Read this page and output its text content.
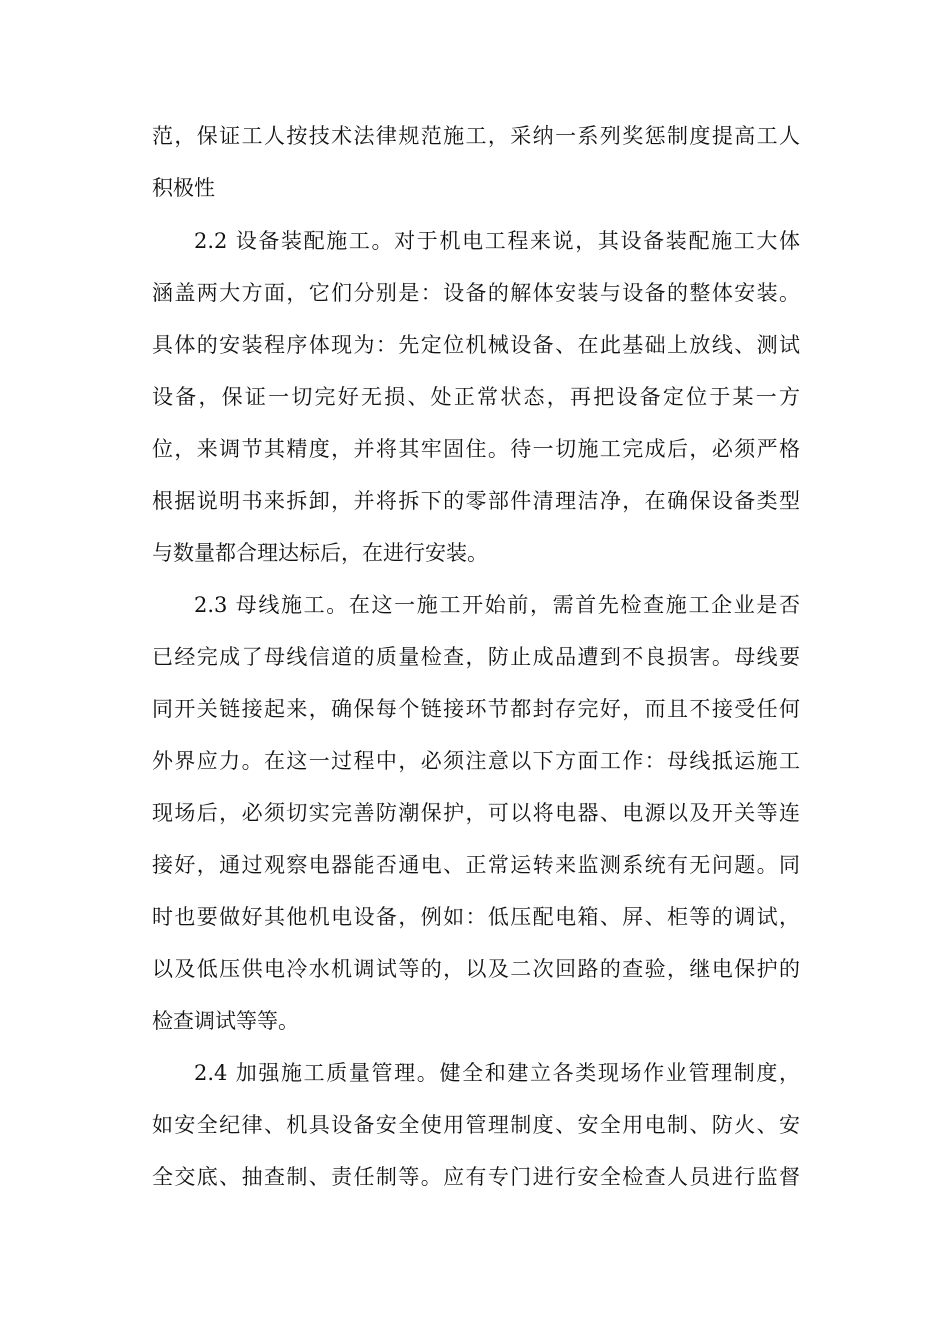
范，保证工人按技术法律规范施工，采纳一系列奖惩制度提高工人
积极性
2.2 设备装配施工。对于机电工程来说，其设备装配施工大体
涵盖两大方面，它们分别是：设备的解体安装与设备的整体安装。
具体的安装程序体现为：先定位机械设备、在此基础上放线、测试
设备，保证一切完好无损、处正常状态，再把设备定位于某一方
位，来调节其精度，并将其牢固住。待一切施工完成后，必须严格
根据说明书来拆卸，并将拆下的零部件清理洁净，在确保设备类型
与数量都合理达标后，在进行安装。
2.3 母线施工。在这一施工开始前，需首先检查施工企业是否
已经完成了母线信道的质量检查，防止成品遭到不良损害。母线要
同开关链接起来，确保每个链接环节都封存完好，而且不接受任何
外界应力。在这一过程中，必须注意以下方面工作：母线抵运施工
现场后，必须切实完善防潮保护，可以将电器、电源以及开关等连
接好，通过观察电器能否通电、正常运转来监测系统有无问题。同
时也要做好其他机电设备，例如：低压配电箱、屏、柜等的调试，
以及低压供电冷水机调试等的，以及二次回路的查验，继电保护的
检查调试等等。
2.4 加强施工质量管理。健全和建立各类现场作业管理制度，
如安全纪律、机具设备安全使用管理制度、安全用电制、防火、安
全交底、抽查制、责任制等。应有专门进行安全检查人员进行监督
